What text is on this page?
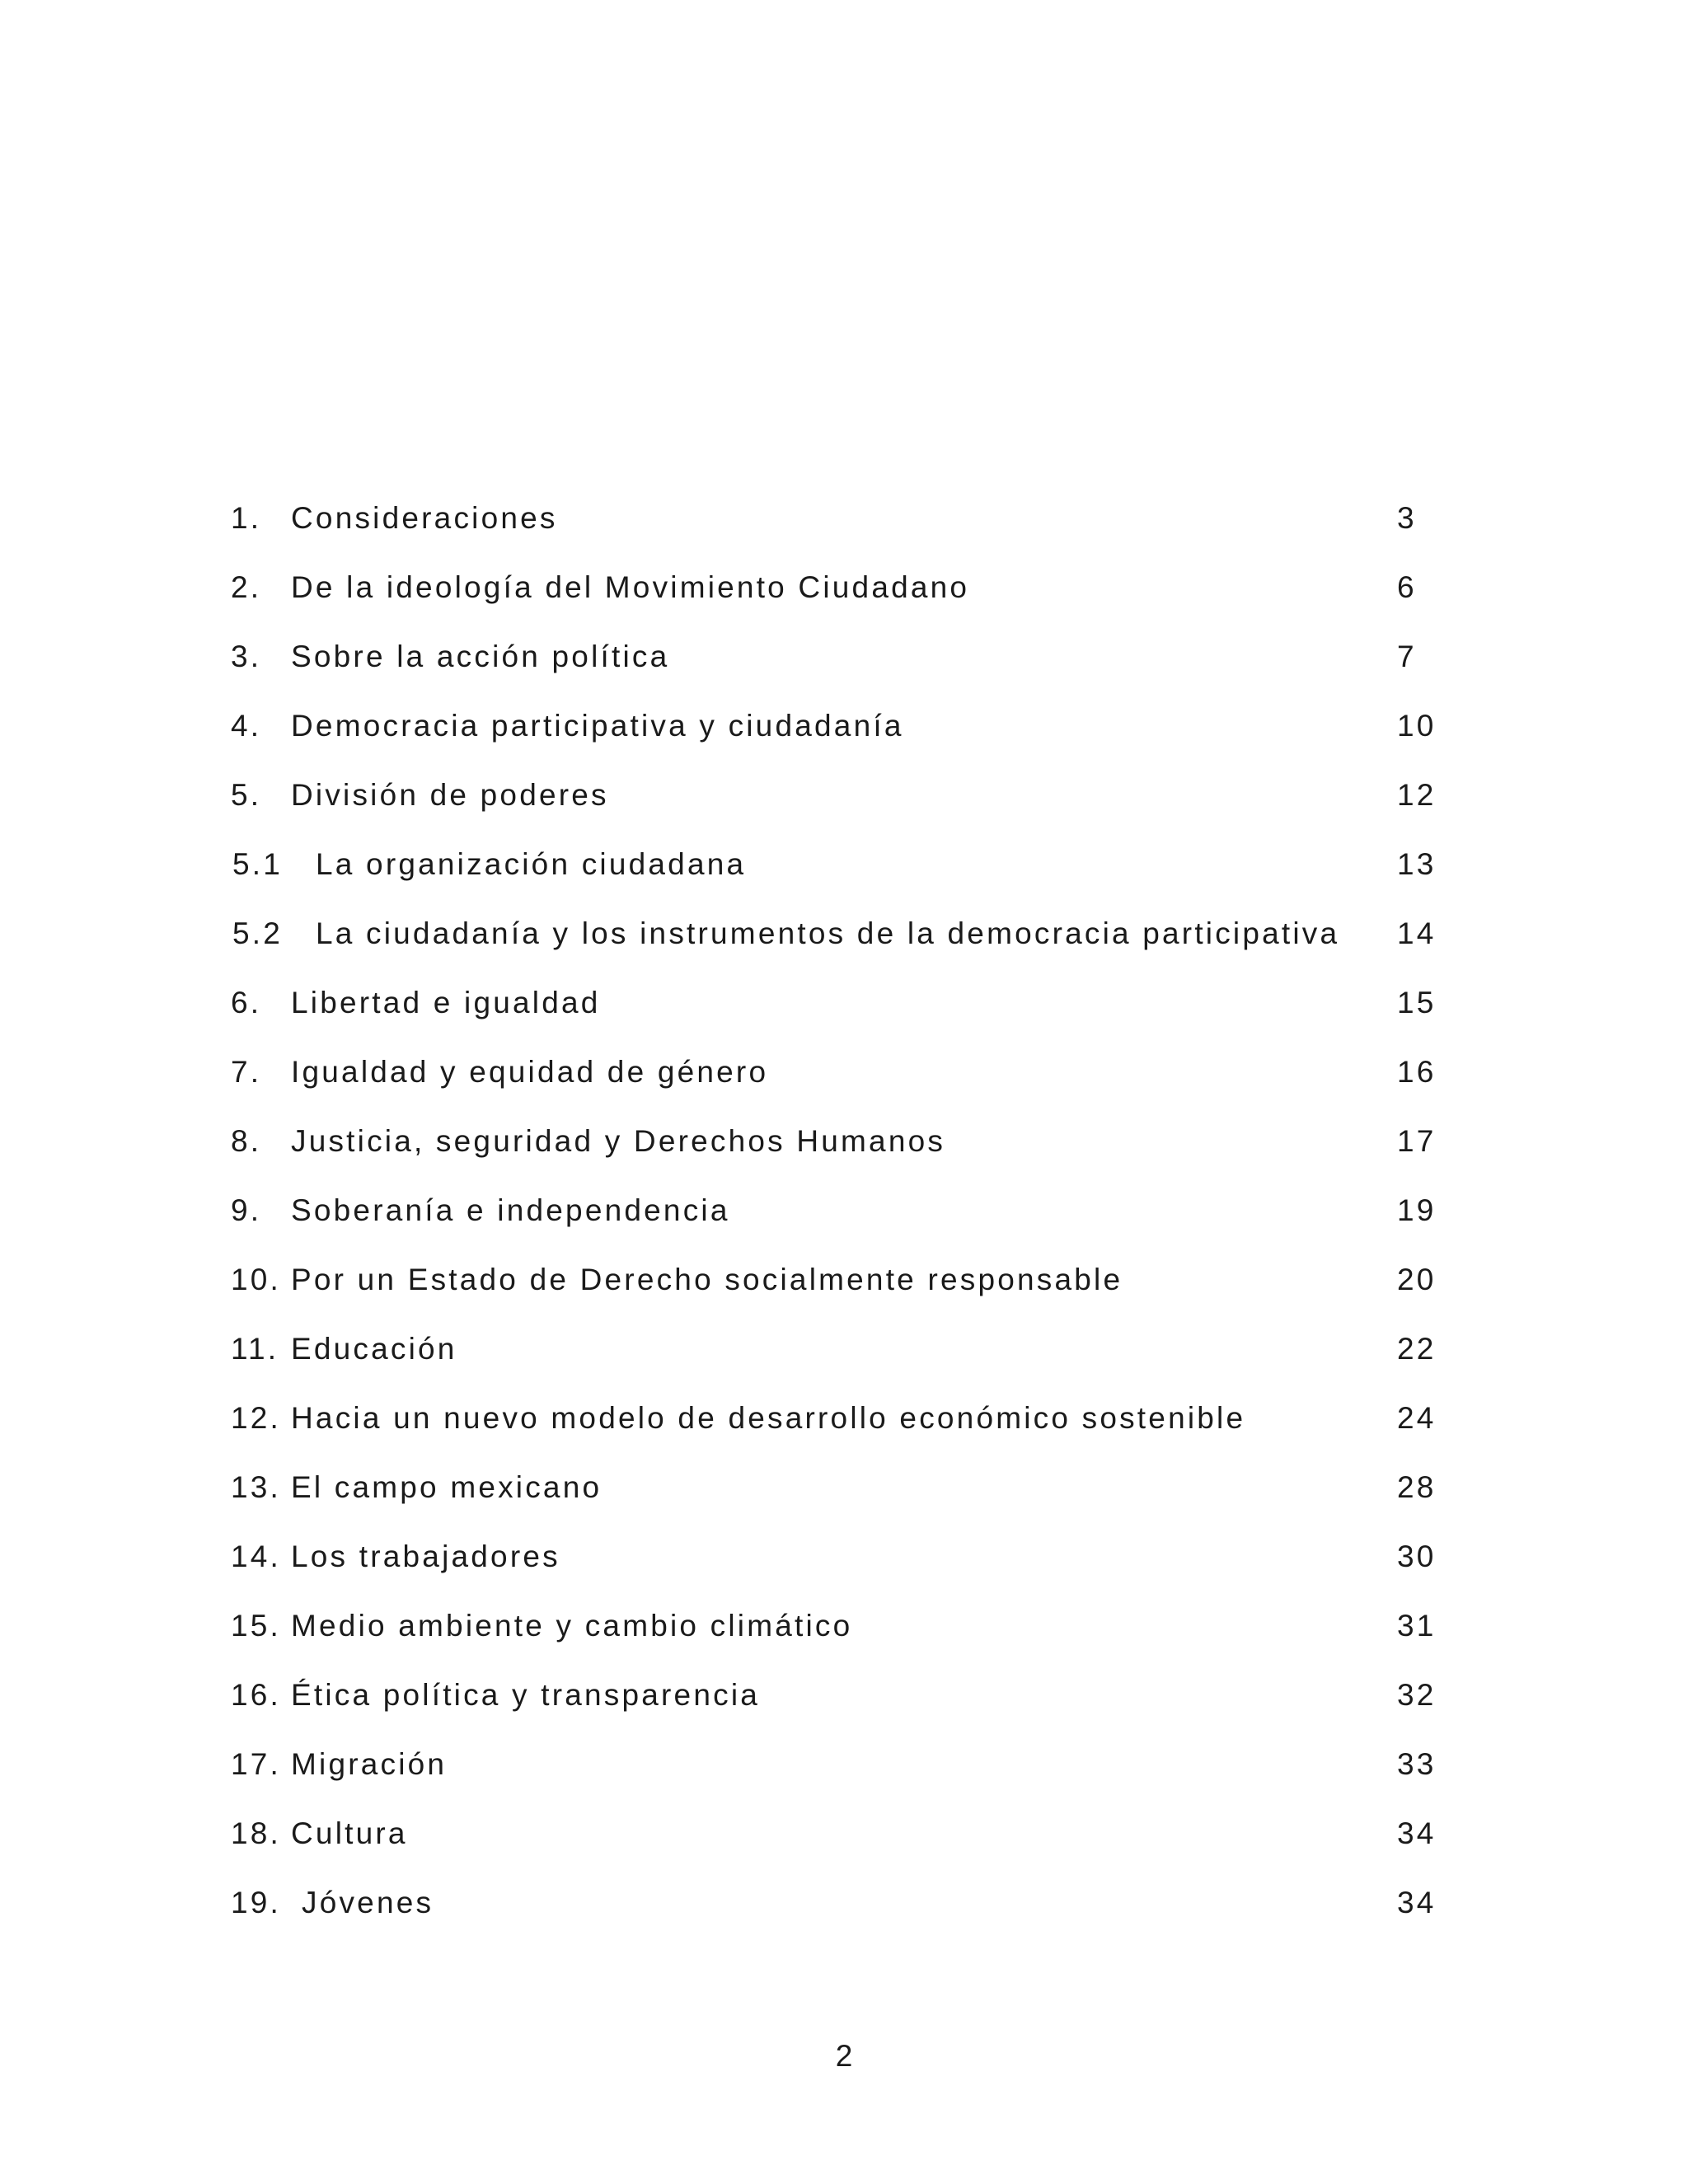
1. Consideraciones	3
2. De la ideología del Movimiento Ciudadano	6
3. Sobre la acción política	7
4. Democracia participativa y ciudadanía	10
5. División de poderes	12
5.1 La organización ciudadana	13
5.2 La ciudadanía y los instrumentos de la democracia participativa 14
6. Libertad e igualdad	15
7. Igualdad y equidad de género	16
8. Justicia, seguridad y Derechos Humanos	17
9. Soberanía e independencia	19
10. Por un Estado de Derecho socialmente responsable	20
11. Educación	22
12. Hacia un nuevo modelo de desarrollo económico sostenible	24
13. El campo mexicano	28
14. Los trabajadores	30
15. Medio ambiente y cambio climático	31
16. Ética política y transparencia	32
17. Migración	33
18. Cultura	34
19. Jóvenes	34
2
